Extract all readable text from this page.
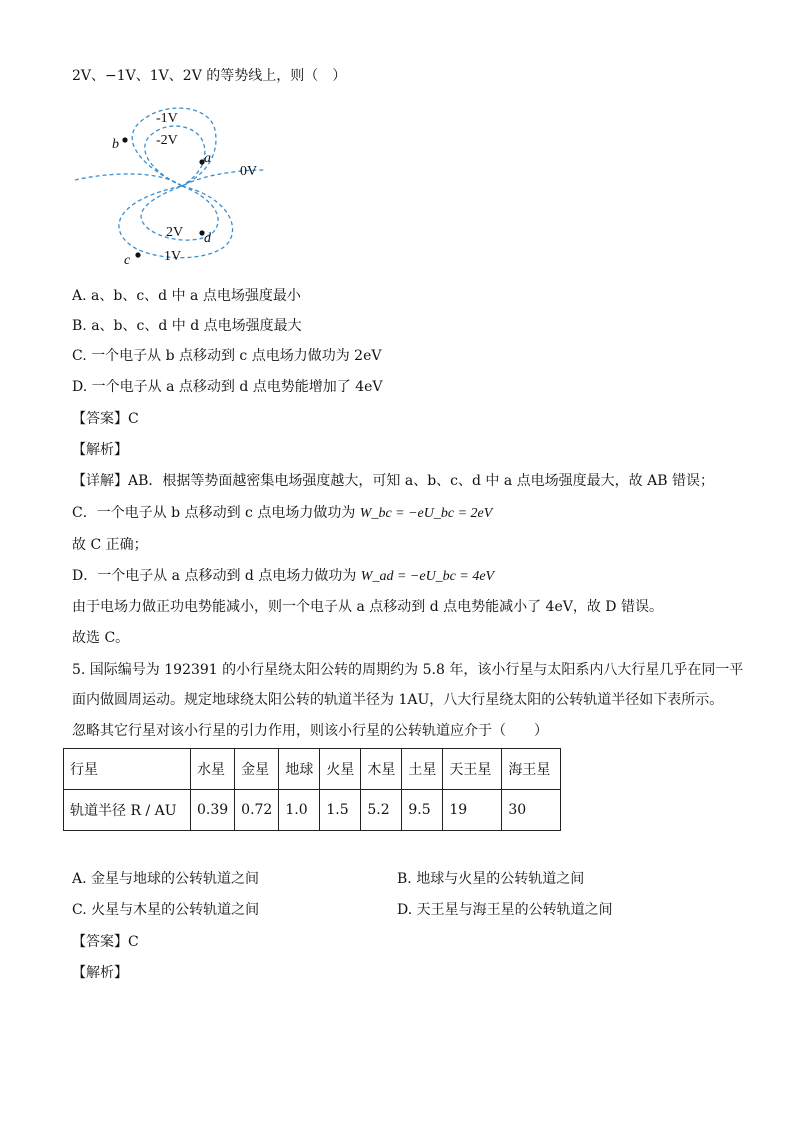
2V、−1V、1V、2V 的等势线上，则（　）
-1V
-2V
0V
2V
1V
a
b
c
d
A. a、b、c、d 中 a 点电场强度最小
B. a、b、c、d 中 d 点电场强度最大
C. 一个电子从 b 点移动到 c 点电场力做功为 2eV
D. 一个电子从 a 点移动到 d 点电势能增加了 4eV
【答案】C
【解析】
【详解】AB．根据等势面越密集电场强度越大，可知 a、b、c、d 中 a 点电场强度最大，故 AB 错误；
C．一个电子从 b 点移动到 c 点电场力做功为 W_bc = −eU_bc = 2eV
故 C 正确；
D．一个电子从 a 点移动到 d 点电场力做功为 W_ad = −eU_bc = 4eV
由于电场力做正功电势能减小，则一个电子从 a 点移动到 d 点电势能减小了 4eV，故 D 错误。
故选 C。
5. 国际编号为 192391 的小行星绕太阳公转的周期约为 5.8 年，该小行星与太阳系内八大行星几乎在同一平
面内做圆周运动。规定地球绕太阳公转的轨道半径为 1AU，八大行星绕太阳的公转轨道半径如下表所示。
忽略其它行星对该小行星的引力作用，则该小行星的公转轨道应介于（　　）
行星	水星	金星	地球	火星	木星	土星	天王星	海王星
轨道半径 R / AU	0.39	0.72	1.0	1.5	5.2	9.5	19	30
A. 金星与地球的公转轨道之间	B. 地球与火星的公转轨道之间
C. 火星与木星的公转轨道之间	D. 天王星与海王星的公转轨道之间
【答案】C
【解析】
